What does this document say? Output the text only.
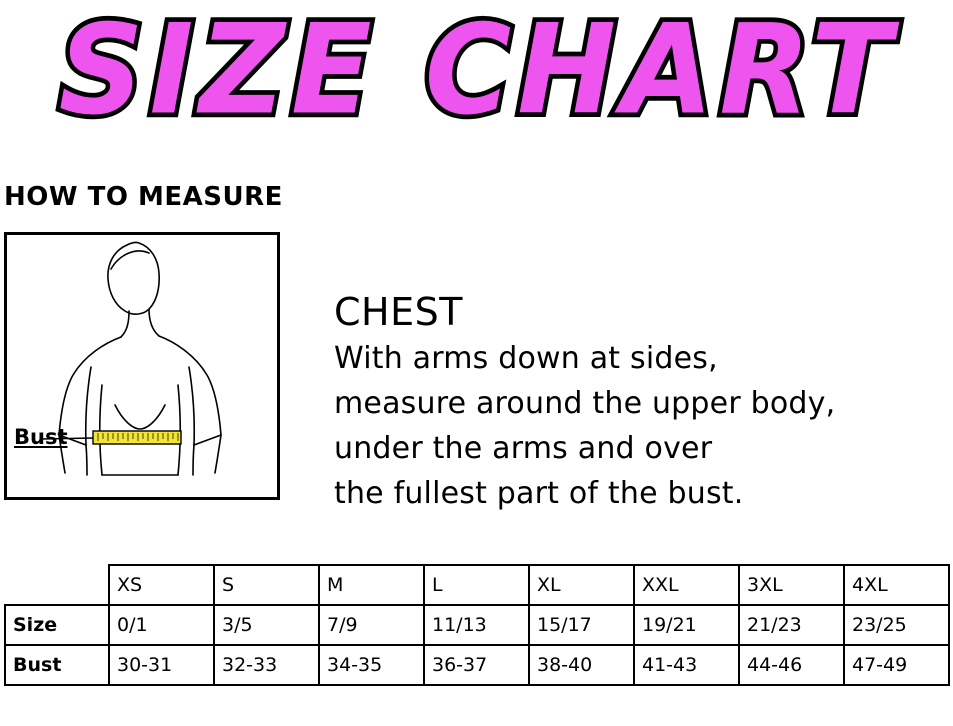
SIZE CHART
HOW TO MEASURE
Bust
CHEST
With arms down at sides,
measure around the upper body,
under the arms and over
the fullest part of the bust.
	XS	S	M	L	XL	XXL	3XL	4XL
Size	0/1	3/5	7/9	11/13	15/17	19/21	21/23	23/25
Bust	30-31	32-33	34-35	36-37	38-40	41-43	44-46	47-49
